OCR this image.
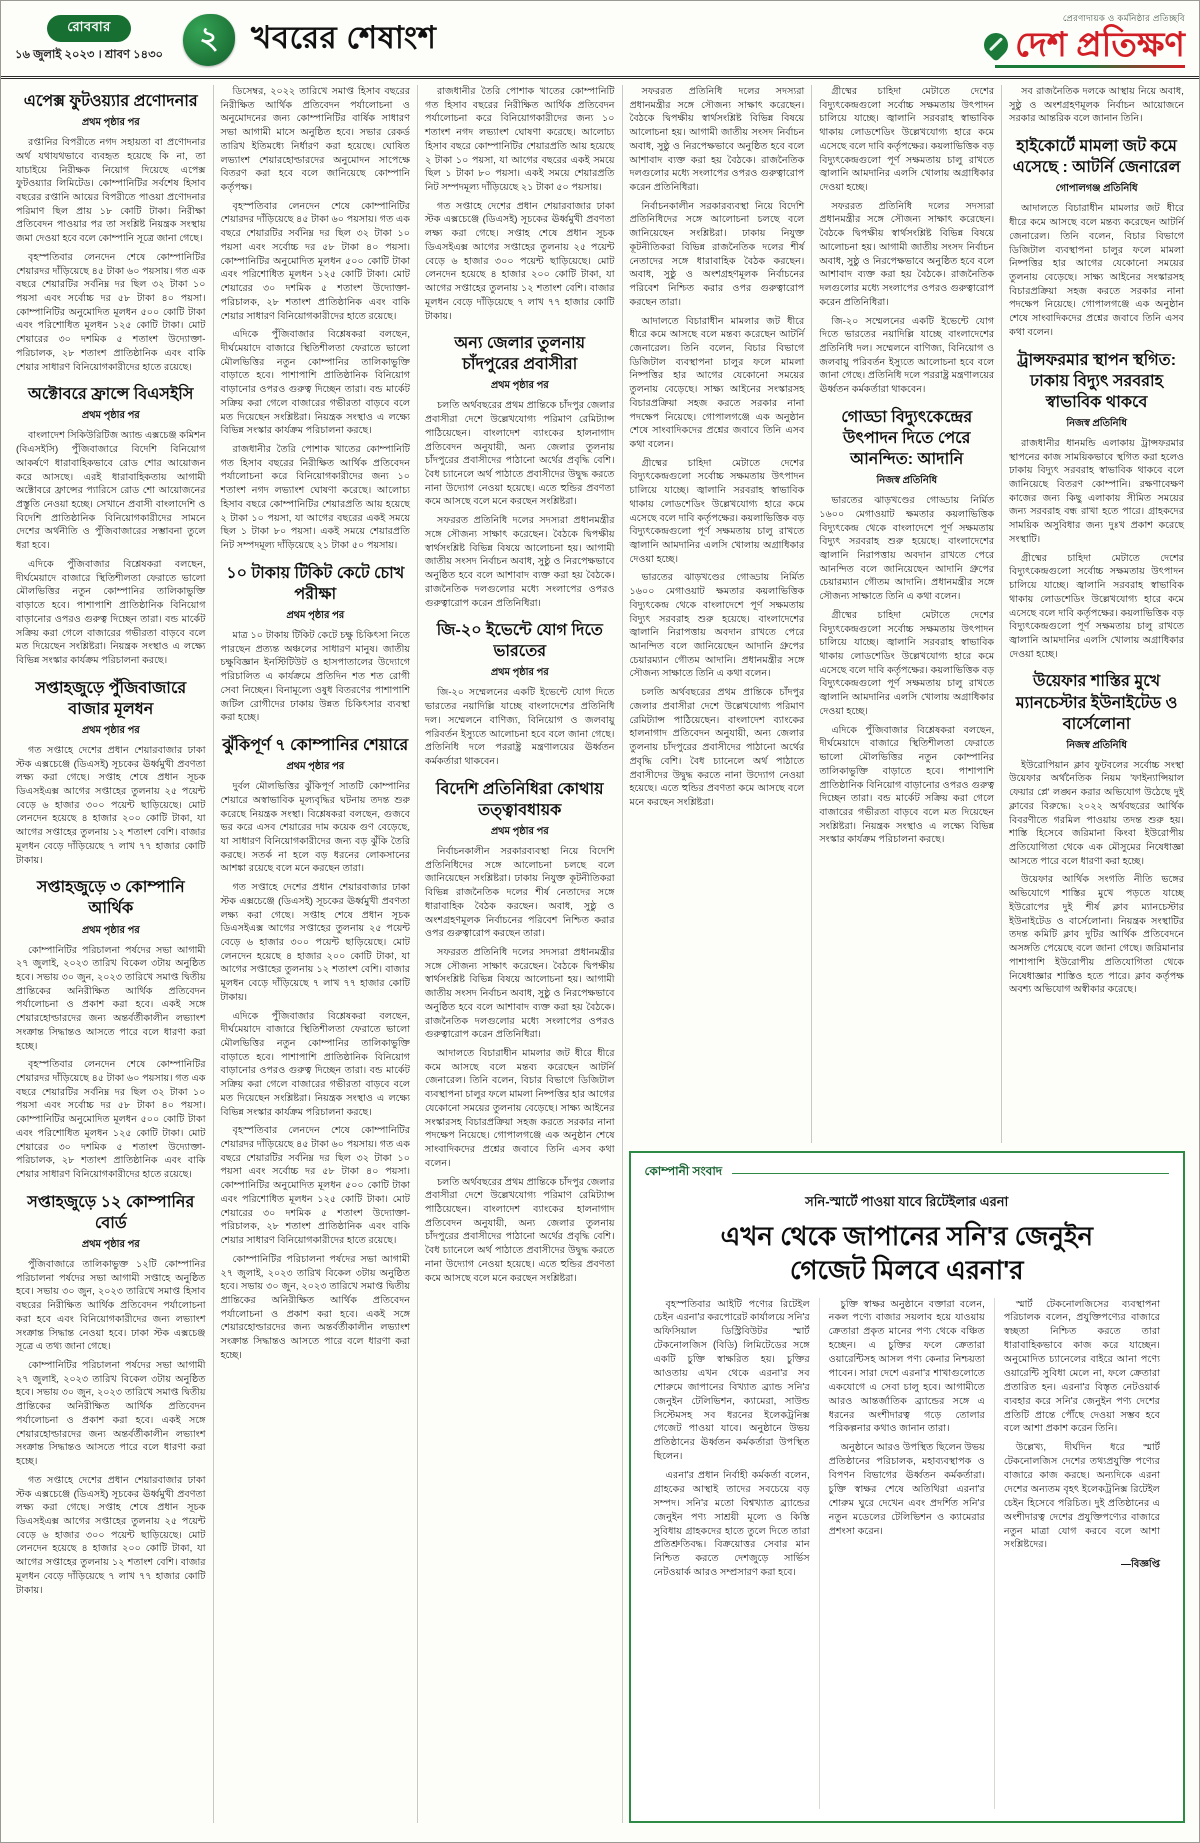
রোববার
১৬ জুলাই ২০২৩ । শ্রাবণ ১৪৩০ ২ খবরের শেষাংশ
প্রেরণাদায়ক ও কর্মনিষ্ঠার প্রতিচ্ছবি
দেশ প্রতিক্ষণ
এপেক্স ফুটওয়্যার প্রণোদনার
প্রথম পৃষ্ঠার পর

রপ্তানির বিপরীতে নগদ সহায়তা বা প্রণোদনার অর্থ যথাযথভাবে ব্যবহৃত হয়েছে কি না, তা যাচাইয়ে নিরীক্ষক নিয়োগ দিয়েছে এপেক্স ফুটওয়্যার লিমিটেড। কোম্পানিটির সর্বশেষ হিসাব বছরের রপ্তানি আয়ের বিপরীতে পাওয়া প্রণোদনার পরিমাণ ছিল প্রায় ১৮ কোটি টাকা। নিরীক্ষা প্রতিবেদন পাওয়ার পর তা সংশ্লিষ্ট নিয়ন্ত্রক সংস্থায় জমা দেওয়া হবে বলে কোম্পানি সূত্রে জানা গেছে।

বৃহস্পতিবার লেনদেন শেষে কোম্পানিটির শেয়ারদর দাঁড়িয়েছে ৪৫ টাকা ৬০ পয়সায়। গত এক বছরে শেয়ারটির সর্বনিম্ন দর ছিল ৩২ টাকা ১০ পয়সা এবং সর্বোচ্চ দর ৫৮ টাকা ৪০ পয়সা। কোম্পানিটির অনুমোদিত মূলধন ৫০০ কোটি টাকা এবং পরিশোধিত মূলধন ১২৫ কোটি টাকা। মোট শেয়ারের ৩০ দশমিক ৫ শতাংশ উদ্যোক্তা-পরিচালক, ২৮ শতাংশ প্রাতিষ্ঠানিক এবং বাকি শেয়ার সাধারণ বিনিয়োগকারীদের হাতে রয়েছে।

অক্টোবরে ফ্রান্সে বিএসইসি
প্রথম পৃষ্ঠার পর

বাংলাদেশ সিকিউরিটিজ অ্যান্ড এক্সচেঞ্জ কমিশন (বিএসইসি) পুঁজিবাজারে বিদেশি বিনিয়োগ আকর্ষণে ধারাবাহিকভাবে রোড শোর আয়োজন করে আসছে। এরই ধারাবাহিকতায় আগামী অক্টোবরে ফ্রান্সের প্যারিসে রোড শো আয়োজনের প্রস্তুতি নেওয়া হচ্ছে। সেখানে প্রবাসী বাংলাদেশি ও বিদেশি প্রাতিষ্ঠানিক বিনিয়োগকারীদের সামনে দেশের অর্থনীতি ও পুঁজিবাজারের সম্ভাবনা তুলে ধরা হবে।

এদিকে পুঁজিবাজার বিশ্লেষকরা বলছেন, দীর্ঘমেয়াদে বাজারে স্থিতিশীলতা ফেরাতে ভালো মৌলভিত্তির নতুন কোম্পানির তালিকাভুক্তি বাড়াতে হবে। পাশাপাশি প্রাতিষ্ঠানিক বিনিয়োগ বাড়ানোর ওপরও গুরুত্ব দিচ্ছেন তারা। বন্ড মার্কেট সক্রিয় করা গেলে বাজারের গভীরতা বাড়বে বলে মত দিয়েছেন সংশ্লিষ্টরা। নিয়ন্ত্রক সংস্থাও এ লক্ষ্যে বিভিন্ন সংস্কার কার্যক্রম পরিচালনা করছে।

সপ্তাহজুড়ে পুঁজিবাজারে বাজার মূলধন
প্রথম পৃষ্ঠার পর

গত সপ্তাহে দেশের প্রধান শেয়ারবাজার ঢাকা স্টক এক্সচেঞ্জে (ডিএসই) সূচকের ঊর্ধ্বমুখী প্রবণতা লক্ষ্য করা গেছে। সপ্তাহ শেষে প্রধান সূচক ডিএসইএক্স আগের সপ্তাহের তুলনায় ২৫ পয়েন্ট বেড়ে ৬ হাজার ৩০০ পয়েন্ট ছাড়িয়েছে। মোট লেনদেন হয়েছে ৪ হাজার ২০০ কোটি টাকা, যা আগের সপ্তাহের তুলনায় ১২ শতাংশ বেশি। বাজার মূলধন বেড়ে দাঁড়িয়েছে ৭ লাখ ৭৭ হাজার কোটি টাকায়।

সপ্তাহজুড়ে ৩ কোম্পানি আর্থিক
প্রথম পৃষ্ঠার পর

কোম্পানিটির পরিচালনা পর্ষদের সভা আগামী ২৭ জুলাই, ২০২৩ তারিখ বিকেল ৩টায় অনুষ্ঠিত হবে। সভায় ৩০ জুন, ২০২৩ তারিখে সমাপ্ত দ্বিতীয় প্রান্তিকের অনিরীক্ষিত আর্থিক প্রতিবেদন পর্যালোচনা ও প্রকাশ করা হবে। একই সঙ্গে শেয়ারহোল্ডারদের জন্য অন্তর্বর্তীকালীন লভ্যাংশ সংক্রান্ত সিদ্ধান্তও আসতে পারে বলে ধারণা করা হচ্ছে।

বৃহস্পতিবার লেনদেন শেষে কোম্পানিটির শেয়ারদর দাঁড়িয়েছে ৪৫ টাকা ৬০ পয়সায়। গত এক বছরে শেয়ারটির সর্বনিম্ন দর ছিল ৩২ টাকা ১০ পয়সা এবং সর্বোচ্চ দর ৫৮ টাকা ৪০ পয়সা। কোম্পানিটির অনুমোদিত মূলধন ৫০০ কোটি টাকা এবং পরিশোধিত মূলধন ১২৫ কোটি টাকা। মোট শেয়ারের ৩০ দশমিক ৫ শতাংশ উদ্যোক্তা-পরিচালক, ২৮ শতাংশ প্রাতিষ্ঠানিক এবং বাকি শেয়ার সাধারণ বিনিয়োগকারীদের হাতে রয়েছে।

সপ্তাহজুড়ে ১২ কোম্পানির বোর্ড
প্রথম পৃষ্ঠার পর

পুঁজিবাজারে তালিকাভুক্ত ১২টি কোম্পানির পরিচালনা পর্ষদের সভা আগামী সপ্তাহে অনুষ্ঠিত হবে। সভায় ৩০ জুন, ২০২৩ তারিখে সমাপ্ত হিসাব বছরের নিরীক্ষিত আর্থিক প্রতিবেদন পর্যালোচনা করা হবে এবং বিনিয়োগকারীদের জন্য লভ্যাংশ সংক্রান্ত সিদ্ধান্ত নেওয়া হবে। ঢাকা স্টক এক্সচেঞ্জ সূত্রে এ তথ্য জানা গেছে।

কোম্পানিটির পরিচালনা পর্ষদের সভা আগামী ২৭ জুলাই, ২০২৩ তারিখ বিকেল ৩টায় অনুষ্ঠিত হবে। সভায় ৩০ জুন, ২০২৩ তারিখে সমাপ্ত দ্বিতীয় প্রান্তিকের অনিরীক্ষিত আর্থিক প্রতিবেদন পর্যালোচনা ও প্রকাশ করা হবে। একই সঙ্গে শেয়ারহোল্ডারদের জন্য অন্তর্বর্তীকালীন লভ্যাংশ সংক্রান্ত সিদ্ধান্তও আসতে পারে বলে ধারণা করা হচ্ছে।

গত সপ্তাহে দেশের প্রধান শেয়ারবাজার ঢাকা স্টক এক্সচেঞ্জে (ডিএসই) সূচকের ঊর্ধ্বমুখী প্রবণতা লক্ষ্য করা গেছে। সপ্তাহ শেষে প্রধান সূচক ডিএসইএক্স আগের সপ্তাহের তুলনায় ২৫ পয়েন্ট বেড়ে ৬ হাজার ৩০০ পয়েন্ট ছাড়িয়েছে। মোট লেনদেন হয়েছে ৪ হাজার ২০০ কোটি টাকা, যা আগের সপ্তাহের তুলনায় ১২ শতাংশ বেশি। বাজার মূলধন বেড়ে দাঁড়িয়েছে ৭ লাখ ৭৭ হাজার কোটি টাকায়।

ডিসেম্বর, ২০২২ তারিখে সমাপ্ত হিসাব বছরের নিরীক্ষিত আর্থিক প্রতিবেদন পর্যালোচনা ও অনুমোদনের জন্য কোম্পানিটির বার্ষিক সাধারণ সভা আগামী মাসে অনুষ্ঠিত হবে। সভার রেকর্ড তারিখ ইতিমধ্যে নির্ধারণ করা হয়েছে। ঘোষিত লভ্যাংশ শেয়ারহোল্ডারদের অনুমোদন সাপেক্ষে বিতরণ করা হবে বলে জানিয়েছে কোম্পানি কর্তৃপক্ষ।

বৃহস্পতিবার লেনদেন শেষে কোম্পানিটির শেয়ারদর দাঁড়িয়েছে ৪৫ টাকা ৬০ পয়সায়। গত এক বছরে শেয়ারটির সর্বনিম্ন দর ছিল ৩২ টাকা ১০ পয়সা এবং সর্বোচ্চ দর ৫৮ টাকা ৪০ পয়সা। কোম্পানিটির অনুমোদিত মূলধন ৫০০ কোটি টাকা এবং পরিশোধিত মূলধন ১২৫ কোটি টাকা। মোট শেয়ারের ৩০ দশমিক ৫ শতাংশ উদ্যোক্তা-পরিচালক, ২৮ শতাংশ প্রাতিষ্ঠানিক এবং বাকি শেয়ার সাধারণ বিনিয়োগকারীদের হাতে রয়েছে।

এদিকে পুঁজিবাজার বিশ্লেষকরা বলছেন, দীর্ঘমেয়াদে বাজারে স্থিতিশীলতা ফেরাতে ভালো মৌলভিত্তির নতুন কোম্পানির তালিকাভুক্তি বাড়াতে হবে। পাশাপাশি প্রাতিষ্ঠানিক বিনিয়োগ বাড়ানোর ওপরও গুরুত্ব দিচ্ছেন তারা। বন্ড মার্কেট সক্রিয় করা গেলে বাজারের গভীরতা বাড়বে বলে মত দিয়েছেন সংশ্লিষ্টরা। নিয়ন্ত্রক সংস্থাও এ লক্ষ্যে বিভিন্ন সংস্কার কার্যক্রম পরিচালনা করছে।

রাজধানীর তৈরি পোশাক খাতের কোম্পানিটি গত হিসাব বছরের নিরীক্ষিত আর্থিক প্রতিবেদন পর্যালোচনা করে বিনিয়োগকারীদের জন্য ১০ শতাংশ নগদ লভ্যাংশ ঘোষণা করেছে। আলোচ্য হিসাব বছরে কোম্পানিটির শেয়ারপ্রতি আয় হয়েছে ২ টাকা ১০ পয়সা, যা আগের বছরের একই সময়ে ছিল ১ টাকা ৮০ পয়সা। একই সময়ে শেয়ারপ্রতি নিট সম্পদমূল্য দাঁড়িয়েছে ২১ টাকা ৫০ পয়সায়।

১০ টাকায় টিকিট কেটে চোখ পরীক্ষা
প্রথম পৃষ্ঠার পর

মাত্র ১০ টাকায় টিকিট কেটে চক্ষু চিকিৎসা নিতে পারছেন প্রত্যন্ত অঞ্চলের সাধারণ মানুষ। জাতীয় চক্ষুবিজ্ঞান ইনস্টিটিউট ও হাসপাতালের উদ্যোগে পরিচালিত এ কার্যক্রমে প্রতিদিন শত শত রোগী সেবা নিচ্ছেন। বিনামূল্যে ওষুধ বিতরণের পাশাপাশি জটিল রোগীদের ঢাকায় উন্নত চিকিৎসার ব্যবস্থা করা হচ্ছে।

ঝুঁকিপূর্ণ ৭ কোম্পানির শেয়ারে
প্রথম পৃষ্ঠার পর

দুর্বল মৌলভিত্তির ঝুঁকিপূর্ণ সাতটি কোম্পানির শেয়ারে অস্বাভাবিক মূল্যবৃদ্ধির ঘটনায় তদন্ত শুরু করেছে নিয়ন্ত্রক সংস্থা। বিশ্লেষকরা বলছেন, গুজবে ভর করে এসব শেয়ারের দাম কয়েক গুণ বেড়েছে, যা সাধারণ বিনিয়োগকারীদের জন্য বড় ঝুঁকি তৈরি করছে। সতর্ক না হলে বড় ধরনের লোকসানের আশঙ্কা রয়েছে বলে মনে করছেন তারা।

গত সপ্তাহে দেশের প্রধান শেয়ারবাজার ঢাকা স্টক এক্সচেঞ্জে (ডিএসই) সূচকের ঊর্ধ্বমুখী প্রবণতা লক্ষ্য করা গেছে। সপ্তাহ শেষে প্রধান সূচক ডিএসইএক্স আগের সপ্তাহের তুলনায় ২৫ পয়েন্ট বেড়ে ৬ হাজার ৩০০ পয়েন্ট ছাড়িয়েছে। মোট লেনদেন হয়েছে ৪ হাজার ২০০ কোটি টাকা, যা আগের সপ্তাহের তুলনায় ১২ শতাংশ বেশি। বাজার মূলধন বেড়ে দাঁড়িয়েছে ৭ লাখ ৭৭ হাজার কোটি টাকায়।

এদিকে পুঁজিবাজার বিশ্লেষকরা বলছেন, দীর্ঘমেয়াদে বাজারে স্থিতিশীলতা ফেরাতে ভালো মৌলভিত্তির নতুন কোম্পানির তালিকাভুক্তি বাড়াতে হবে। পাশাপাশি প্রাতিষ্ঠানিক বিনিয়োগ বাড়ানোর ওপরও গুরুত্ব দিচ্ছেন তারা। বন্ড মার্কেট সক্রিয় করা গেলে বাজারের গভীরতা বাড়বে বলে মত দিয়েছেন সংশ্লিষ্টরা। নিয়ন্ত্রক সংস্থাও এ লক্ষ্যে বিভিন্ন সংস্কার কার্যক্রম পরিচালনা করছে।

বৃহস্পতিবার লেনদেন শেষে কোম্পানিটির শেয়ারদর দাঁড়িয়েছে ৪৫ টাকা ৬০ পয়সায়। গত এক বছরে শেয়ারটির সর্বনিম্ন দর ছিল ৩২ টাকা ১০ পয়সা এবং সর্বোচ্চ দর ৫৮ টাকা ৪০ পয়সা। কোম্পানিটির অনুমোদিত মূলধন ৫০০ কোটি টাকা এবং পরিশোধিত মূলধন ১২৫ কোটি টাকা। মোট শেয়ারের ৩০ দশমিক ৫ শতাংশ উদ্যোক্তা-পরিচালক, ২৮ শতাংশ প্রাতিষ্ঠানিক এবং বাকি শেয়ার সাধারণ বিনিয়োগকারীদের হাতে রয়েছে।

কোম্পানিটির পরিচালনা পর্ষদের সভা আগামী ২৭ জুলাই, ২০২৩ তারিখ বিকেল ৩টায় অনুষ্ঠিত হবে। সভায় ৩০ জুন, ২০২৩ তারিখে সমাপ্ত দ্বিতীয় প্রান্তিকের অনিরীক্ষিত আর্থিক প্রতিবেদন পর্যালোচনা ও প্রকাশ করা হবে। একই সঙ্গে শেয়ারহোল্ডারদের জন্য অন্তর্বর্তীকালীন লভ্যাংশ সংক্রান্ত সিদ্ধান্তও আসতে পারে বলে ধারণা করা হচ্ছে।

রাজধানীর তৈরি পোশাক খাতের কোম্পানিটি গত হিসাব বছরের নিরীক্ষিত আর্থিক প্রতিবেদন পর্যালোচনা করে বিনিয়োগকারীদের জন্য ১০ শতাংশ নগদ লভ্যাংশ ঘোষণা করেছে। আলোচ্য হিসাব বছরে কোম্পানিটির শেয়ারপ্রতি আয় হয়েছে ২ টাকা ১০ পয়সা, যা আগের বছরের একই সময়ে ছিল ১ টাকা ৮০ পয়সা। একই সময়ে শেয়ারপ্রতি নিট সম্পদমূল্য দাঁড়িয়েছে ২১ টাকা ৫০ পয়সায়।

গত সপ্তাহে দেশের প্রধান শেয়ারবাজার ঢাকা স্টক এক্সচেঞ্জে (ডিএসই) সূচকের ঊর্ধ্বমুখী প্রবণতা লক্ষ্য করা গেছে। সপ্তাহ শেষে প্রধান সূচক ডিএসইএক্স আগের সপ্তাহের তুলনায় ২৫ পয়েন্ট বেড়ে ৬ হাজার ৩০০ পয়েন্ট ছাড়িয়েছে। মোট লেনদেন হয়েছে ৪ হাজার ২০০ কোটি টাকা, যা আগের সপ্তাহের তুলনায় ১২ শতাংশ বেশি। বাজার মূলধন বেড়ে দাঁড়িয়েছে ৭ লাখ ৭৭ হাজার কোটি টাকায়।

অন্য জেলার তুলনায় চাঁদপুরের প্রবাসীরা
প্রথম পৃষ্ঠার পর

চলতি অর্থবছরের প্রথম প্রান্তিকে চাঁদপুর জেলার প্রবাসীরা দেশে উল্লেখযোগ্য পরিমাণ রেমিট্যান্স পাঠিয়েছেন। বাংলাদেশ ব্যাংকের হালনাগাদ প্রতিবেদন অনুযায়ী, অন্য জেলার তুলনায় চাঁদপুরের প্রবাসীদের পাঠানো অর্থের প্রবৃদ্ধি বেশি। বৈধ চ্যানেলে অর্থ পাঠাতে প্রবাসীদের উদ্বুদ্ধ করতে নানা উদ্যোগ নেওয়া হয়েছে। এতে হুন্ডির প্রবণতা কমে আসছে বলে মনে করছেন সংশ্লিষ্টরা।

সফররত প্রতিনিধি দলের সদস্যরা প্রধানমন্ত্রীর সঙ্গে সৌজন্য সাক্ষাৎ করেছেন। বৈঠকে দ্বিপক্ষীয় স্বার্থসংশ্লিষ্ট বিভিন্ন বিষয়ে আলোচনা হয়। আগামী জাতীয় সংসদ নির্বাচন অবাধ, সুষ্ঠু ও নিরপেক্ষভাবে অনুষ্ঠিত হবে বলে আশাবাদ ব্যক্ত করা হয় বৈঠকে। রাজনৈতিক দলগুলোর মধ্যে সংলাপের ওপরও গুরুত্বারোপ করেন প্রতিনিধিরা।

জি-২০ ইভেন্টে যোগ দিতে ভারতের
প্রথম পৃষ্ঠার পর

জি-২০ সম্মেলনের একটি ইভেন্টে যোগ দিতে ভারতের নয়াদিল্লি যাচ্ছে বাংলাদেশের প্রতিনিধি দল। সম্মেলনে বাণিজ্য, বিনিয়োগ ও জলবায়ু পরিবর্তন ইস্যুতে আলোচনা হবে বলে জানা গেছে। প্রতিনিধি দলে পররাষ্ট্র মন্ত্রণালয়ের ঊর্ধ্বতন কর্মকর্তারা থাকবেন।

বিদেশি প্রতিনিধিরা কোথায় তত্ত্বাবধায়ক
প্রথম পৃষ্ঠার পর

নির্বাচনকালীন সরকারব্যবস্থা নিয়ে বিদেশি প্রতিনিধিদের সঙ্গে আলোচনা চলছে বলে জানিয়েছেন সংশ্লিষ্টরা। ঢাকায় নিযুক্ত কূটনীতিকরা বিভিন্ন রাজনৈতিক দলের শীর্ষ নেতাদের সঙ্গে ধারাবাহিক বৈঠক করছেন। অবাধ, সুষ্ঠু ও অংশগ্রহণমূলক নির্বাচনের পরিবেশ নিশ্চিত করার ওপর গুরুত্বারোপ করছেন তারা।

সফররত প্রতিনিধি দলের সদস্যরা প্রধানমন্ত্রীর সঙ্গে সৌজন্য সাক্ষাৎ করেছেন। বৈঠকে দ্বিপক্ষীয় স্বার্থসংশ্লিষ্ট বিভিন্ন বিষয়ে আলোচনা হয়। আগামী জাতীয় সংসদ নির্বাচন অবাধ, সুষ্ঠু ও নিরপেক্ষভাবে অনুষ্ঠিত হবে বলে আশাবাদ ব্যক্ত করা হয় বৈঠকে। রাজনৈতিক দলগুলোর মধ্যে সংলাপের ওপরও গুরুত্বারোপ করেন প্রতিনিধিরা।

আদালতে বিচারাধীন মামলার জট ধীরে ধীরে কমে আসছে বলে মন্তব্য করেছেন আটর্নি জেনারেল। তিনি বলেন, বিচার বিভাগে ডিজিটাল ব্যবস্থাপনা চালুর ফলে মামলা নিষ্পত্তির হার আগের যেকোনো সময়ের তুলনায় বেড়েছে। সাক্ষ্য আইনের সংস্কারসহ বিচারপ্রক্রিয়া সহজ করতে সরকার নানা পদক্ষেপ নিয়েছে। গোপালগঞ্জে এক অনুষ্ঠান শেষে সাংবাদিকদের প্রশ্নের জবাবে তিনি এসব কথা বলেন।

চলতি অর্থবছরের প্রথম প্রান্তিকে চাঁদপুর জেলার প্রবাসীরা দেশে উল্লেখযোগ্য পরিমাণ রেমিট্যান্স পাঠিয়েছেন। বাংলাদেশ ব্যাংকের হালনাগাদ প্রতিবেদন অনুযায়ী, অন্য জেলার তুলনায় চাঁদপুরের প্রবাসীদের পাঠানো অর্থের প্রবৃদ্ধি বেশি। বৈধ চ্যানেলে অর্থ পাঠাতে প্রবাসীদের উদ্বুদ্ধ করতে নানা উদ্যোগ নেওয়া হয়েছে। এতে হুন্ডির প্রবণতা কমে আসছে বলে মনে করছেন সংশ্লিষ্টরা।

সফররত প্রতিনিধি দলের সদস্যরা প্রধানমন্ত্রীর সঙ্গে সৌজন্য সাক্ষাৎ করেছেন। বৈঠকে দ্বিপক্ষীয় স্বার্থসংশ্লিষ্ট বিভিন্ন বিষয়ে আলোচনা হয়। আগামী জাতীয় সংসদ নির্বাচন অবাধ, সুষ্ঠু ও নিরপেক্ষভাবে অনুষ্ঠিত হবে বলে আশাবাদ ব্যক্ত করা হয় বৈঠকে। রাজনৈতিক দলগুলোর মধ্যে সংলাপের ওপরও গুরুত্বারোপ করেন প্রতিনিধিরা।

নির্বাচনকালীন সরকারব্যবস্থা নিয়ে বিদেশি প্রতিনিধিদের সঙ্গে আলোচনা চলছে বলে জানিয়েছেন সংশ্লিষ্টরা। ঢাকায় নিযুক্ত কূটনীতিকরা বিভিন্ন রাজনৈতিক দলের শীর্ষ নেতাদের সঙ্গে ধারাবাহিক বৈঠক করছেন। অবাধ, সুষ্ঠু ও অংশগ্রহণমূলক নির্বাচনের পরিবেশ নিশ্চিত করার ওপর গুরুত্বারোপ করছেন তারা।

আদালতে বিচারাধীন মামলার জট ধীরে ধীরে কমে আসছে বলে মন্তব্য করেছেন আটর্নি জেনারেল। তিনি বলেন, বিচার বিভাগে ডিজিটাল ব্যবস্থাপনা চালুর ফলে মামলা নিষ্পত্তির হার আগের যেকোনো সময়ের তুলনায় বেড়েছে। সাক্ষ্য আইনের সংস্কারসহ বিচারপ্রক্রিয়া সহজ করতে সরকার নানা পদক্ষেপ নিয়েছে। গোপালগঞ্জে এক অনুষ্ঠান শেষে সাংবাদিকদের প্রশ্নের জবাবে তিনি এসব কথা বলেন।

গ্রীষ্মের চাহিদা মেটাতে দেশের বিদ্যুৎকেন্দ্রগুলো সর্বোচ্চ সক্ষমতায় উৎপাদন চালিয়ে যাচ্ছে। জ্বালানি সরবরাহ স্বাভাবিক থাকায় লোডশেডিং উল্লেখযোগ্য হারে কমে এসেছে বলে দাবি কর্তৃপক্ষের। কয়লাভিত্তিক বড় বিদ্যুৎকেন্দ্রগুলো পূর্ণ সক্ষমতায় চালু রাখতে জ্বালানি আমদানির এলসি খোলায় অগ্রাধিকার দেওয়া হচ্ছে।

ভারতের ঝাড়খণ্ডের গোড্ডায় নির্মিত ১৬০০ মেগাওয়াট ক্ষমতার কয়লাভিত্তিক বিদ্যুৎকেন্দ্র থেকে বাংলাদেশে পূর্ণ সক্ষমতায় বিদ্যুৎ সরবরাহ শুরু হয়েছে। বাংলাদেশের জ্বালানি নিরাপত্তায় অবদান রাখতে পেরে আনন্দিত বলে জানিয়েছেন আদানি গ্রুপের চেয়ারম্যান গৌতম আদানি। প্রধানমন্ত্রীর সঙ্গে সৌজন্য সাক্ষাতে তিনি এ কথা বলেন।

চলতি অর্থবছরের প্রথম প্রান্তিকে চাঁদপুর জেলার প্রবাসীরা দেশে উল্লেখযোগ্য পরিমাণ রেমিট্যান্স পাঠিয়েছেন। বাংলাদেশ ব্যাংকের হালনাগাদ প্রতিবেদন অনুযায়ী, অন্য জেলার তুলনায় চাঁদপুরের প্রবাসীদের পাঠানো অর্থের প্রবৃদ্ধি বেশি। বৈধ চ্যানেলে অর্থ পাঠাতে প্রবাসীদের উদ্বুদ্ধ করতে নানা উদ্যোগ নেওয়া হয়েছে। এতে হুন্ডির প্রবণতা কমে আসছে বলে মনে করছেন সংশ্লিষ্টরা।

গ্রীষ্মের চাহিদা মেটাতে দেশের বিদ্যুৎকেন্দ্রগুলো সর্বোচ্চ সক্ষমতায় উৎপাদন চালিয়ে যাচ্ছে। জ্বালানি সরবরাহ স্বাভাবিক থাকায় লোডশেডিং উল্লেখযোগ্য হারে কমে এসেছে বলে দাবি কর্তৃপক্ষের। কয়লাভিত্তিক বড় বিদ্যুৎকেন্দ্রগুলো পূর্ণ সক্ষমতায় চালু রাখতে জ্বালানি আমদানির এলসি খোলায় অগ্রাধিকার দেওয়া হচ্ছে।

সফররত প্রতিনিধি দলের সদস্যরা প্রধানমন্ত্রীর সঙ্গে সৌজন্য সাক্ষাৎ করেছেন। বৈঠকে দ্বিপক্ষীয় স্বার্থসংশ্লিষ্ট বিভিন্ন বিষয়ে আলোচনা হয়। আগামী জাতীয় সংসদ নির্বাচন অবাধ, সুষ্ঠু ও নিরপেক্ষভাবে অনুষ্ঠিত হবে বলে আশাবাদ ব্যক্ত করা হয় বৈঠকে। রাজনৈতিক দলগুলোর মধ্যে সংলাপের ওপরও গুরুত্বারোপ করেন প্রতিনিধিরা।

জি-২০ সম্মেলনের একটি ইভেন্টে যোগ দিতে ভারতের নয়াদিল্লি যাচ্ছে বাংলাদেশের প্রতিনিধি দল। সম্মেলনে বাণিজ্য, বিনিয়োগ ও জলবায়ু পরিবর্তন ইস্যুতে আলোচনা হবে বলে জানা গেছে। প্রতিনিধি দলে পররাষ্ট্র মন্ত্রণালয়ের ঊর্ধ্বতন কর্মকর্তারা থাকবেন।

গোড্ডা বিদ্যুৎকেন্দ্রের উৎপাদন দিতে পেরে আনন্দিত: আদানি
নিজস্ব প্রতিনিধি

ভারতের ঝাড়খণ্ডের গোড্ডায় নির্মিত ১৬০০ মেগাওয়াট ক্ষমতার কয়লাভিত্তিক বিদ্যুৎকেন্দ্র থেকে বাংলাদেশে পূর্ণ সক্ষমতায় বিদ্যুৎ সরবরাহ শুরু হয়েছে। বাংলাদেশের জ্বালানি নিরাপত্তায় অবদান রাখতে পেরে আনন্দিত বলে জানিয়েছেন আদানি গ্রুপের চেয়ারম্যান গৌতম আদানি। প্রধানমন্ত্রীর সঙ্গে সৌজন্য সাক্ষাতে তিনি এ কথা বলেন।

গ্রীষ্মের চাহিদা মেটাতে দেশের বিদ্যুৎকেন্দ্রগুলো সর্বোচ্চ সক্ষমতায় উৎপাদন চালিয়ে যাচ্ছে। জ্বালানি সরবরাহ স্বাভাবিক থাকায় লোডশেডিং উল্লেখযোগ্য হারে কমে এসেছে বলে দাবি কর্তৃপক্ষের। কয়লাভিত্তিক বড় বিদ্যুৎকেন্দ্রগুলো পূর্ণ সক্ষমতায় চালু রাখতে জ্বালানি আমদানির এলসি খোলায় অগ্রাধিকার দেওয়া হচ্ছে।

এদিকে পুঁজিবাজার বিশ্লেষকরা বলছেন, দীর্ঘমেয়াদে বাজারে স্থিতিশীলতা ফেরাতে ভালো মৌলভিত্তির নতুন কোম্পানির তালিকাভুক্তি বাড়াতে হবে। পাশাপাশি প্রাতিষ্ঠানিক বিনিয়োগ বাড়ানোর ওপরও গুরুত্ব দিচ্ছেন তারা। বন্ড মার্কেট সক্রিয় করা গেলে বাজারের গভীরতা বাড়বে বলে মত দিয়েছেন সংশ্লিষ্টরা। নিয়ন্ত্রক সংস্থাও এ লক্ষ্যে বিভিন্ন সংস্কার কার্যক্রম পরিচালনা করছে।

সব রাজনৈতিক দলকে আস্থায় নিয়ে অবাধ, সুষ্ঠু ও অংশগ্রহণমূলক নির্বাচন আয়োজনে সরকার আন্তরিক বলে জানান তিনি।

হাইকোর্টে মামলা জট কমে এসেছে : আটর্নি জেনারেল
গোপালগঞ্জ প্রতিনিধি

আদালতে বিচারাধীন মামলার জট ধীরে ধীরে কমে আসছে বলে মন্তব্য করেছেন আটর্নি জেনারেল। তিনি বলেন, বিচার বিভাগে ডিজিটাল ব্যবস্থাপনা চালুর ফলে মামলা নিষ্পত্তির হার আগের যেকোনো সময়ের তুলনায় বেড়েছে। সাক্ষ্য আইনের সংস্কারসহ বিচারপ্রক্রিয়া সহজ করতে সরকার নানা পদক্ষেপ নিয়েছে। গোপালগঞ্জে এক অনুষ্ঠান শেষে সাংবাদিকদের প্রশ্নের জবাবে তিনি এসব কথা বলেন।

ট্রান্সফরমার স্থাপন স্থগিত: ঢাকায় বিদ্যুৎ সরবরাহ স্বাভাবিক থাকবে
নিজস্ব প্রতিনিধি

রাজধানীর ধানমন্ডি এলাকায় ট্রান্সফরমার স্থাপনের কাজ সাময়িকভাবে স্থগিত করা হলেও ঢাকায় বিদ্যুৎ সরবরাহ স্বাভাবিক থাকবে বলে জানিয়েছে বিতরণ কোম্পানি। রক্ষণাবেক্ষণ কাজের জন্য কিছু এলাকায় সীমিত সময়ের জন্য সরবরাহ বন্ধ রাখা হতে পারে। গ্রাহকদের সাময়িক অসুবিধার জন্য দুঃখ প্রকাশ করেছে সংস্থাটি।

গ্রীষ্মের চাহিদা মেটাতে দেশের বিদ্যুৎকেন্দ্রগুলো সর্বোচ্চ সক্ষমতায় উৎপাদন চালিয়ে যাচ্ছে। জ্বালানি সরবরাহ স্বাভাবিক থাকায় লোডশেডিং উল্লেখযোগ্য হারে কমে এসেছে বলে দাবি কর্তৃপক্ষের। কয়লাভিত্তিক বড় বিদ্যুৎকেন্দ্রগুলো পূর্ণ সক্ষমতায় চালু রাখতে জ্বালানি আমদানির এলসি খোলায় অগ্রাধিকার দেওয়া হচ্ছে।

উয়েফার শাস্তির মুখে ম্যানচেস্টার ইউনাইটেড ও বার্সেলোনা
নিজস্ব প্রতিনিধি

ইউরোপিয়ান ক্লাব ফুটবলের সর্বোচ্চ সংস্থা উয়েফার অর্থনৈতিক নিয়ম 'ফাইন্যান্সিয়াল ফেয়ার প্লে' লঙ্ঘন করার অভিযোগ উঠেছে দুই ক্লাবের বিরুদ্ধে। ২০২২ অর্থবছরের আর্থিক বিবরণীতে গরমিল পাওয়ায় তদন্ত শুরু হয়। শাস্তি হিসেবে জরিমানা কিংবা ইউরোপীয় প্রতিযোগিতা থেকে এক মৌসুমের নিষেধাজ্ঞা আসতে পারে বলে ধারণা করা হচ্ছে।

উয়েফার আর্থিক সংগতি নীতি ভঙ্গের অভিযোগে শাস্তির মুখে পড়তে যাচ্ছে ইউরোপের দুই শীর্ষ ক্লাব ম্যানচেস্টার ইউনাইটেড ও বার্সেলোনা। নিয়ন্ত্রক সংস্থাটির তদন্ত কমিটি ক্লাব দুটির আর্থিক প্রতিবেদনে অসঙ্গতি পেয়েছে বলে জানা গেছে। জরিমানার পাশাপাশি ইউরোপীয় প্রতিযোগিতা থেকে নিষেধাজ্ঞার শাস্তিও হতে পারে। ক্লাব কর্তৃপক্ষ অবশ্য অভিযোগ অস্বীকার করেছে।

কোম্পানী সংবাদ
সনি-স্মার্টে পাওয়া যাবে রিটেইলার এরনা
এখন থেকে জাপানের সনি'র জেনুইন গেজেট মিলবে এরনা'র

বৃহস্পতিবার আইটি পণ্যের রিটেইল চেইন এরনা'র করপোরেট কার্যালয়ে সনি'র অফিসিয়াল ডিস্ট্রিবিউটর স্মার্ট টেকনোলজিস (বিডি) লিমিটেডের সঙ্গে একটি চুক্তি স্বাক্ষরিত হয়। চুক্তির আওতায় এখন থেকে এরনা'র সব শোরুমে জাপানের বিখ্যাত ব্র্যান্ড সনি'র জেনুইন টেলিভিশন, ক্যামেরা, সাউন্ড সিস্টেমসহ সব ধরনের ইলেকট্রনিক্স গেজেট পাওয়া যাবে। অনুষ্ঠানে উভয় প্রতিষ্ঠানের ঊর্ধ্বতন কর্মকর্তারা উপস্থিত ছিলেন।

এরনা'র প্রধান নির্বাহী কর্মকর্তা বলেন, গ্রাহকের আস্থাই তাদের সবচেয়ে বড় সম্পদ। সনি'র মতো বিশ্বখ্যাত ব্র্যান্ডের জেনুইন পণ্য সাশ্রয়ী মূল্যে ও কিস্তি সুবিধায় গ্রাহকদের হাতে তুলে দিতে তারা প্রতিশ্রুতিবদ্ধ। বিক্রয়োত্তর সেবার মান নিশ্চিত করতে দেশজুড়ে সার্ভিস নেটওয়ার্ক আরও সম্প্রসারণ করা হবে।

চুক্তি স্বাক্ষর অনুষ্ঠানে বক্তারা বলেন, নকল পণ্যে বাজার সয়লাব হয়ে যাওয়ায় ক্রেতারা প্রকৃত মানের পণ্য থেকে বঞ্চিত হচ্ছেন। এ চুক্তির ফলে ক্রেতারা ওয়ারেন্টিসহ আসল পণ্য কেনার নিশ্চয়তা পাবেন। সারা দেশে এরনা'র শাখাগুলোতে একযোগে এ সেবা চালু হবে। আগামীতে আরও আন্তর্জাতিক ব্র্যান্ডের সঙ্গে এ ধরনের অংশীদারত্ব গড়ে তোলার পরিকল্পনার কথাও জানান তারা।

অনুষ্ঠানে আরও উপস্থিত ছিলেন উভয় প্রতিষ্ঠানের পরিচালক, মহাব্যবস্থাপক ও বিপণন বিভাগের ঊর্ধ্বতন কর্মকর্তারা। চুক্তি স্বাক্ষর শেষে অতিথিরা এরনা'র শোরুম ঘুরে দেখেন এবং প্রদর্শিত সনি'র নতুন মডেলের টেলিভিশন ও ক্যামেরার প্রশংসা করেন।

স্মার্ট টেকনোলজিসের ব্যবস্থাপনা পরিচালক বলেন, প্রযুক্তিপণ্যের বাজারে স্বচ্ছতা নিশ্চিত করতে তারা ধারাবাহিকভাবে কাজ করে যাচ্ছেন। অনুমোদিত চ্যানেলের বাইরে আনা পণ্যে ওয়ারেন্টি সুবিধা মেলে না, ফলে ক্রেতারা প্রতারিত হন। এরনা'র বিস্তৃত নেটওয়ার্ক ব্যবহার করে সনি'র জেনুইন পণ্য দেশের প্রতিটি প্রান্তে পৌঁছে দেওয়া সম্ভব হবে বলে আশা প্রকাশ করেন তিনি।

উল্লেখ্য, দীর্ঘদিন ধরে স্মার্ট টেকনোলজিস দেশের তথ্যপ্রযুক্তি পণ্যের বাজারে কাজ করছে। অন্যদিকে এরনা দেশের অন্যতম বৃহৎ ইলেকট্রনিক্স রিটেইল চেইন হিসেবে পরিচিত। দুই প্রতিষ্ঠানের এ অংশীদারত্ব দেশের প্রযুক্তিপণ্যের বাজারে নতুন মাত্রা যোগ করবে বলে আশা সংশ্লিষ্টদের।

—বিজ্ঞপ্তি
